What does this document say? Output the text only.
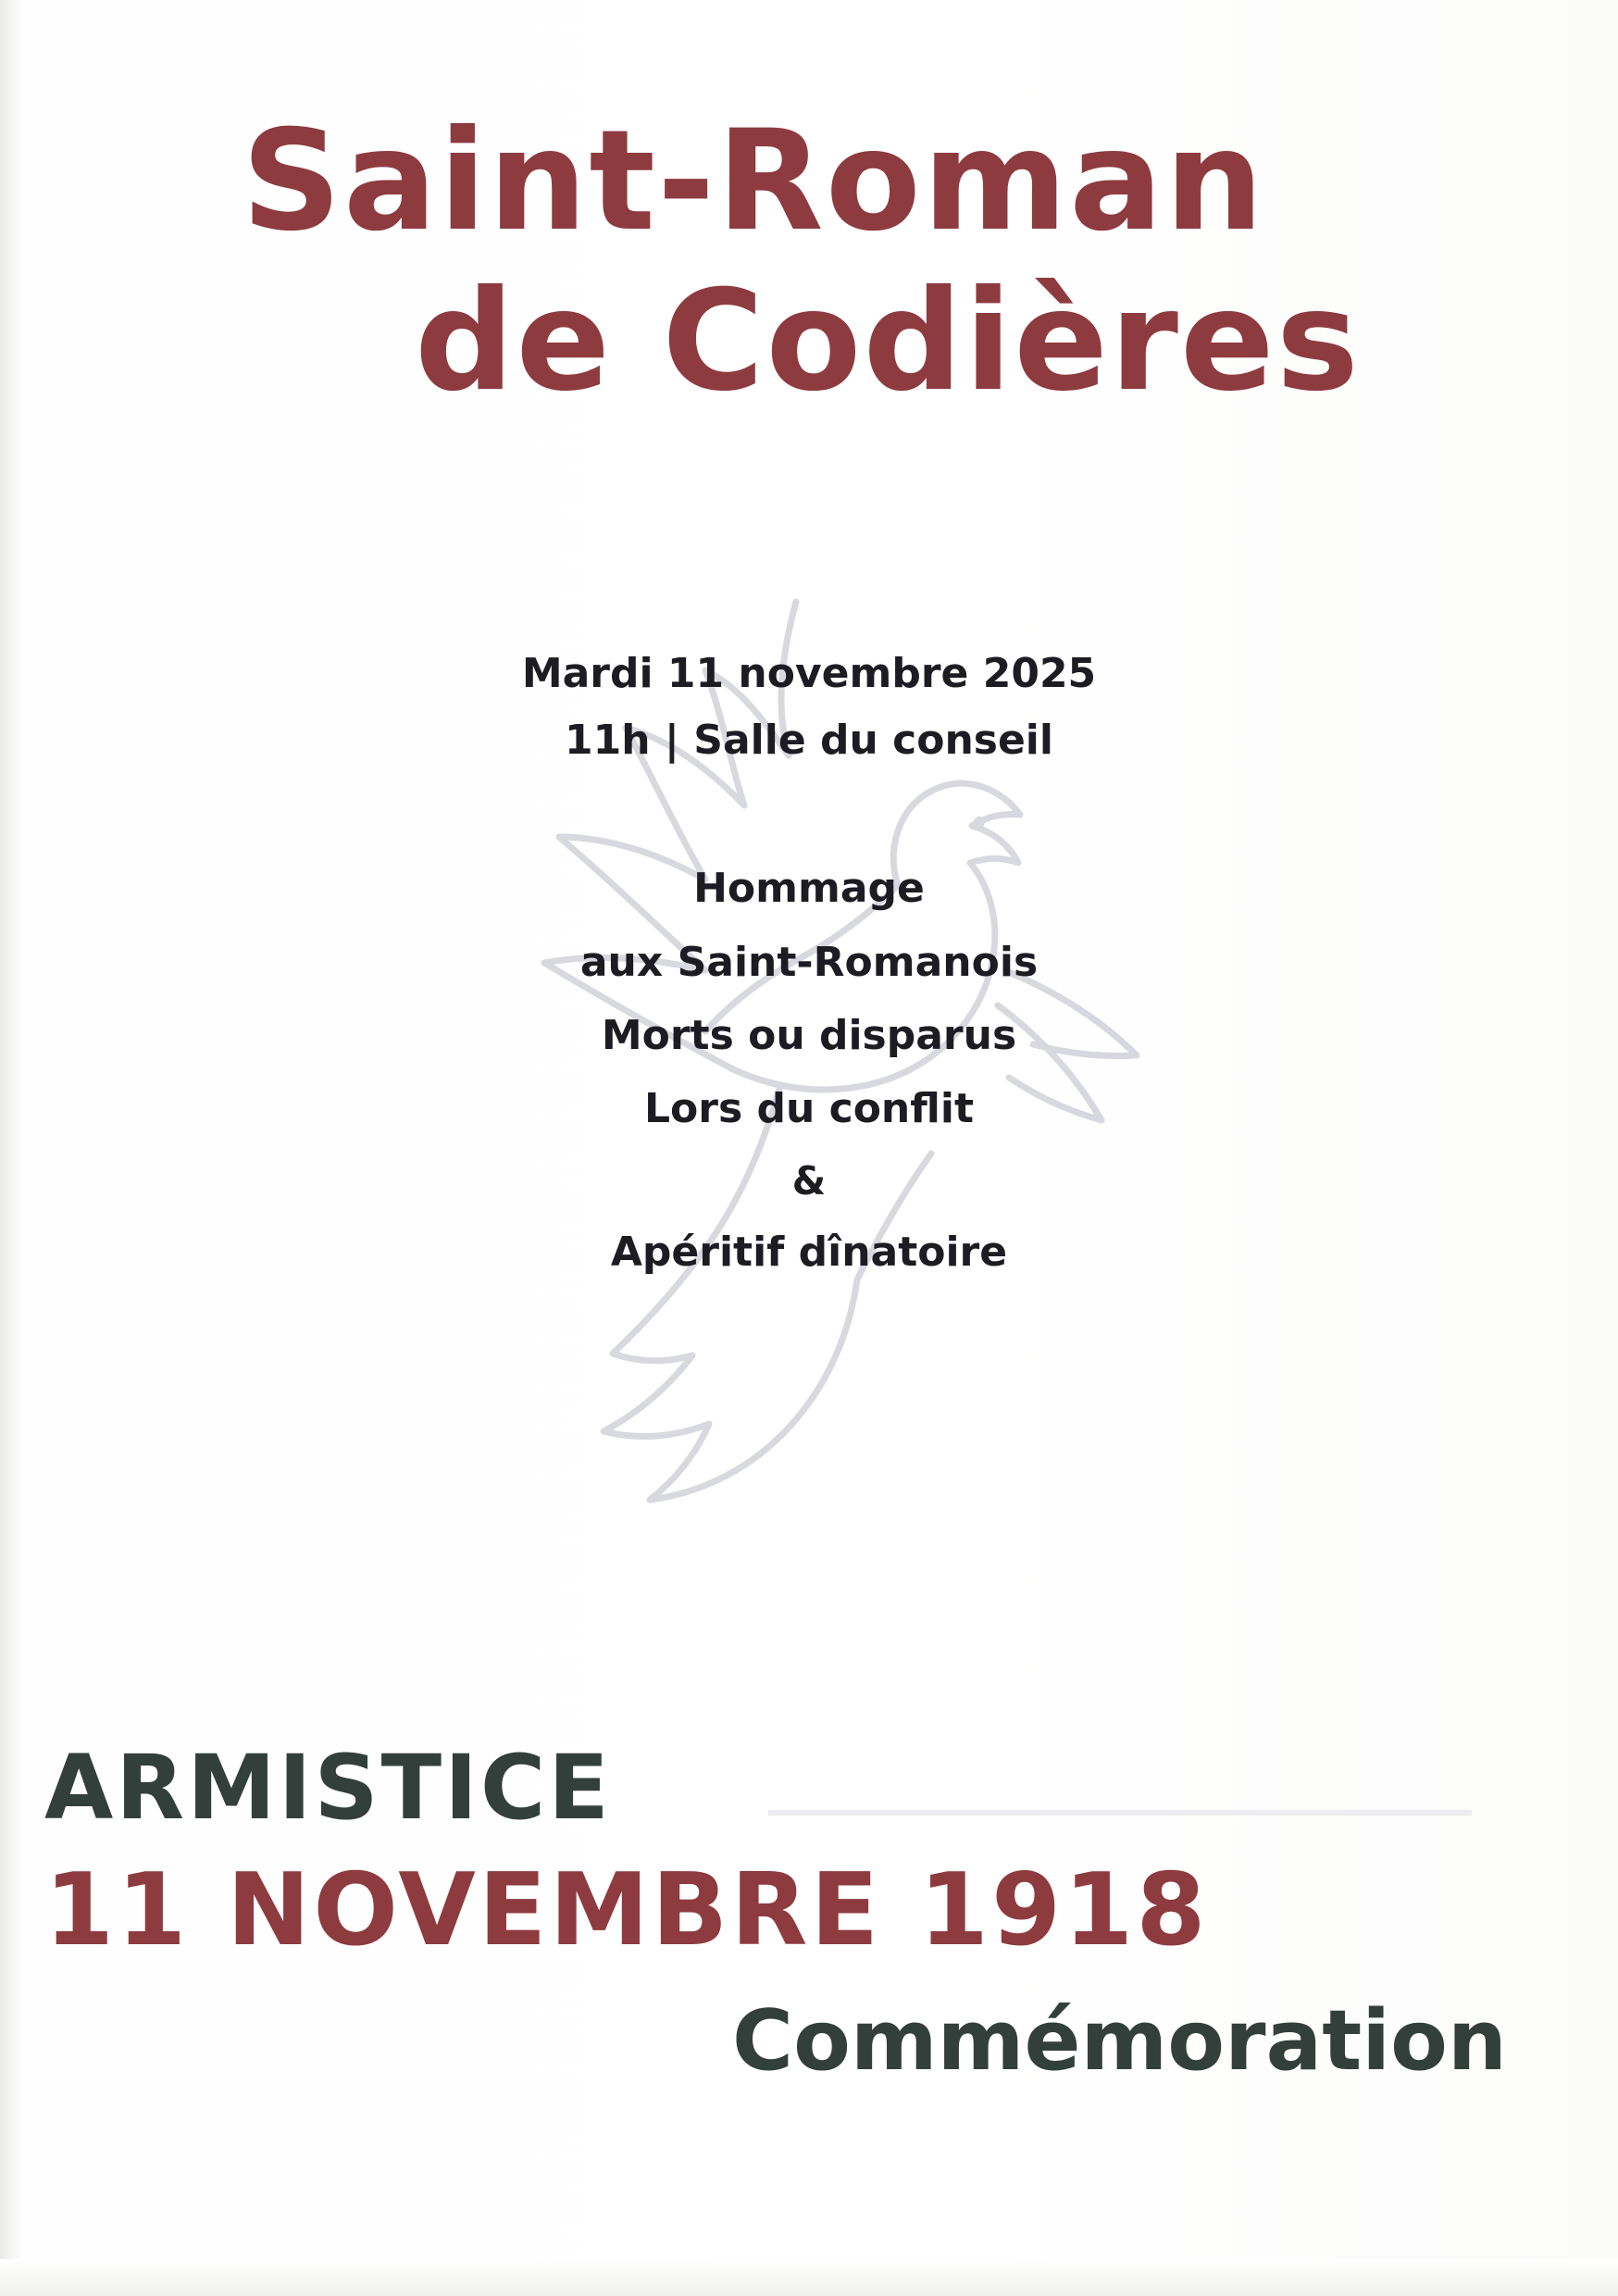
Saint-Roman
de Codières
Mardi 11 novembre 2025
11h | Salle du conseil
Hommage
aux Saint-Romanois
Morts ou disparus
Lors du conflit
&
Apéritif dînatoire
ARMISTICE
11 NOVEMBRE 1918
Commémoration
